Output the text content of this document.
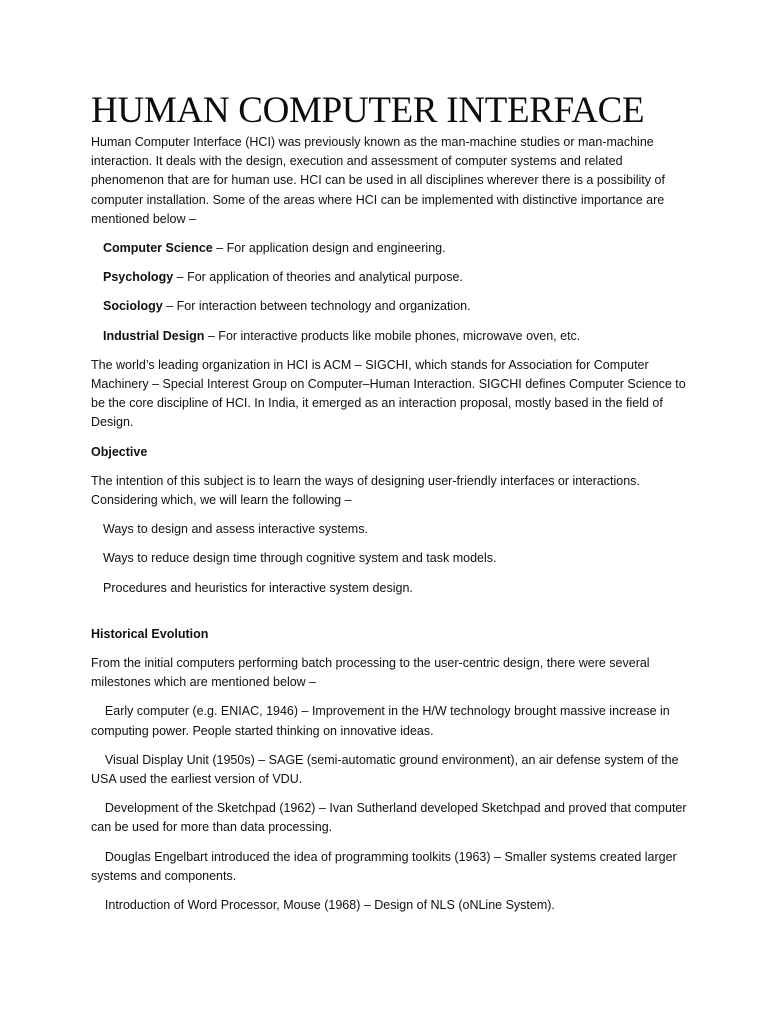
HUMAN COMPUTER INTERFACE

Human Computer Interface (HCI) was previously known as the man-machine studies or man-machine interaction. It deals with the design, execution and assessment of computer systems and related phenomenon that are for human use. HCI can be used in all disciplines wherever there is a possibility of computer installation. Some of the areas where HCI can be implemented with distinctive importance are mentioned below –

Computer Science – For application design and engineering.

Psychology – For application of theories and analytical purpose.

Sociology – For interaction between technology and organization.

Industrial Design – For interactive products like mobile phones, microwave oven, etc.

The world’s leading organization in HCI is ACM – SIGCHI, which stands for Association for Computer Machinery – Special Interest Group on Computer–Human Interaction. SIGCHI defines Computer Science to be the core discipline of HCI. In India, it emerged as an interaction proposal, mostly based in the field of Design.

Objective

The intention of this subject is to learn the ways of designing user-friendly interfaces or interactions. Considering which, we will learn the following –

Ways to design and assess interactive systems.

Ways to reduce design time through cognitive system and task models.

Procedures and heuristics for interactive system design.

Historical Evolution

From the initial computers performing batch processing to the user-centric design, there were several milestones which are mentioned below –

Early computer (e.g. ENIAC, 1946) – Improvement in the H/W technology brought massive increase in computing power. People started thinking on innovative ideas.

Visual Display Unit (1950s) – SAGE (semi-automatic ground environment), an air defense system of the USA used the earliest version of VDU.

Development of the Sketchpad (1962) – Ivan Sutherland developed Sketchpad and proved that computer can be used for more than data processing.

Douglas Engelbart introduced the idea of programming toolkits (1963) – Smaller systems created larger systems and components.

Introduction of Word Processor, Mouse (1968) – Design of NLS (oNLine System).
